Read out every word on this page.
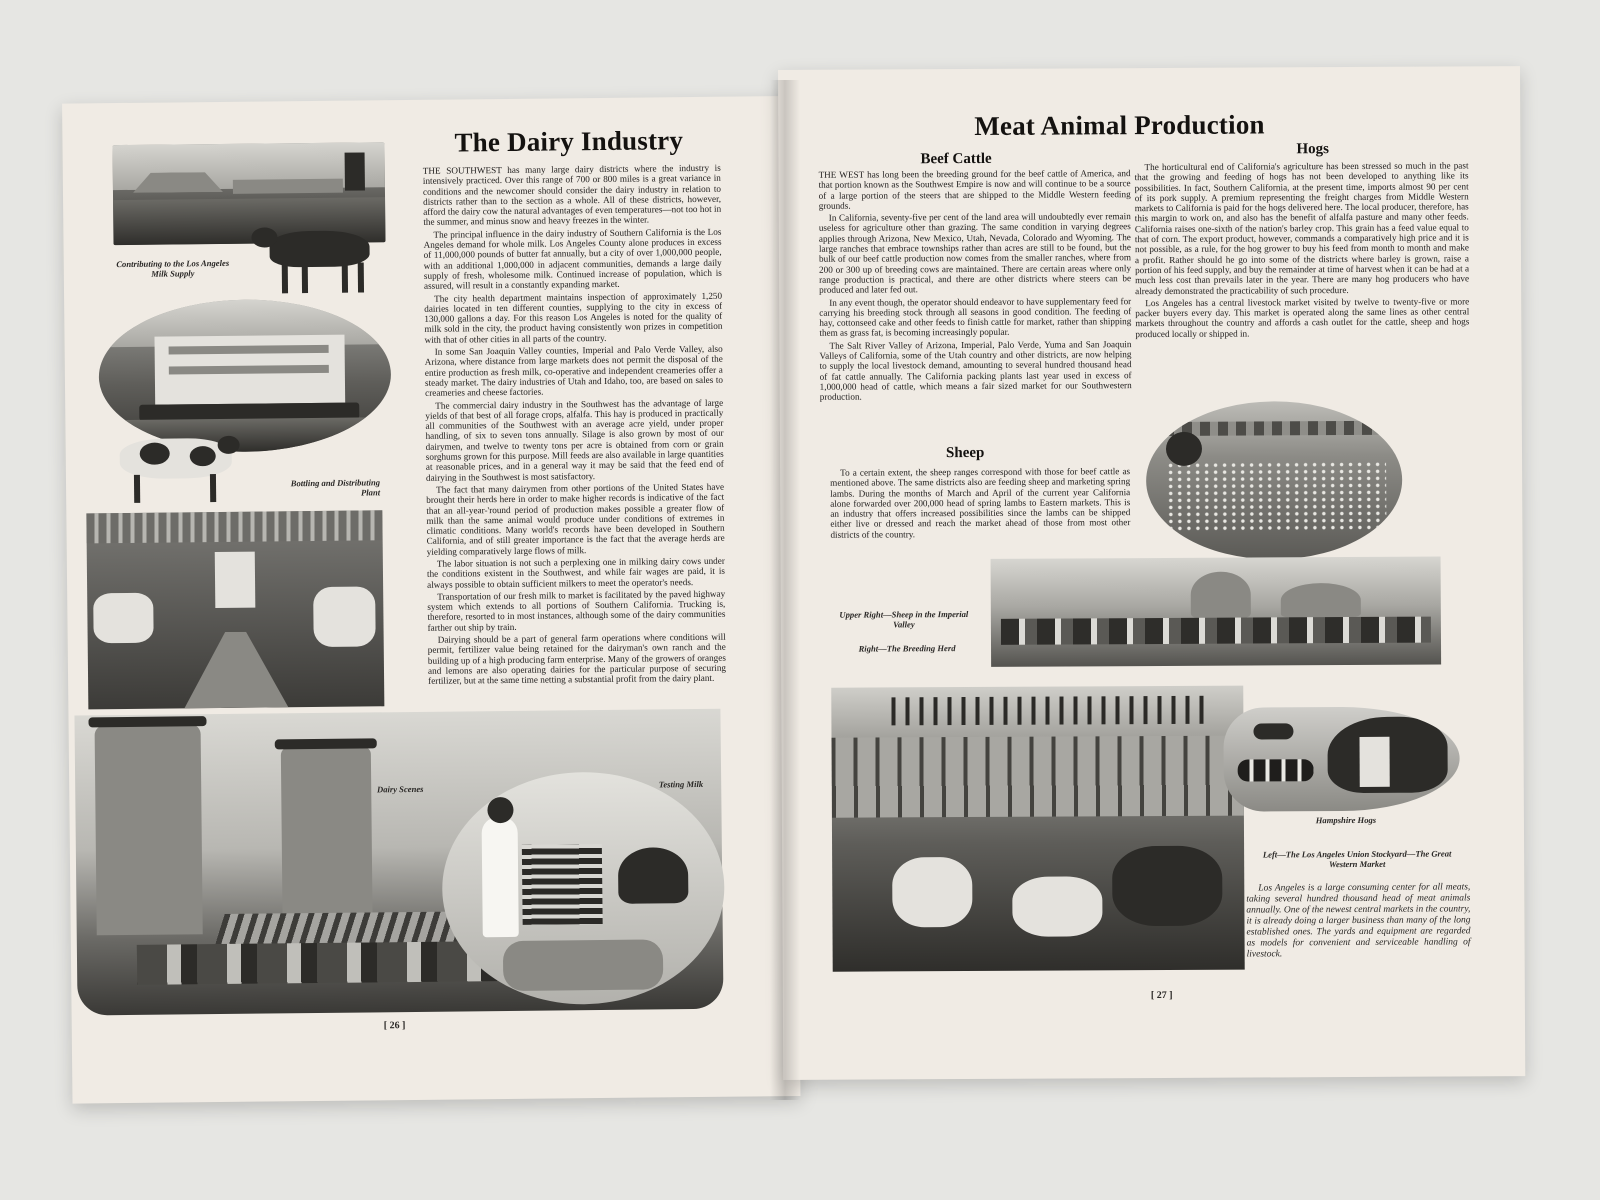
Contributing to the Los Angeles Milk Supply

Bottling and Distributing Plant

Dairy Scenes	Testing Milk

The Dairy Industry

THE SOUTHWEST has many large dairy districts where the industry is intensively practiced. Over this range of 700 or 800 miles is a great variance in conditions and the newcomer should consider the dairy industry in relation to districts rather than to the section as a whole. All of these districts, however, afford the dairy cow the natural advantages of even temperatures—not too hot in the summer, and minus snow and heavy freezes in the winter.

The principal influence in the dairy industry of Southern California is the Los Angeles demand for whole milk. Los Angeles County alone produces in excess of 11,000,000 pounds of butter fat annually, but a city of over 1,000,000 people, with an additional 1,000,000 in adjacent communities, demands a large daily supply of fresh, wholesome milk. Continued increase of population, which is assured, will result in a constantly expanding market.

The city health department maintains inspection of approximately 1,250 dairies located in ten different counties, supplying to the city in excess of 130,000 gallons a day. For this reason Los Angeles is noted for the quality of milk sold in the city, the product having consistently won prizes in competition with that of other cities in all parts of the country.

In some San Joaquin Valley counties, Imperial and Palo Verde Valley, also Arizona, where distance from large markets does not permit the disposal of the entire production as fresh milk, co-operative and independent creameries offer a steady market. The dairy industries of Utah and Idaho, too, are based on sales to creameries and cheese factories.

The commercial dairy industry in the Southwest has the advantage of large yields of that best of all forage crops, alfalfa. This hay is produced in practically all communities of the Southwest with an average acre yield, under proper handling, of six to seven tons annually. Silage is also grown by most of our dairymen, and twelve to twenty tons per acre is obtained from corn or grain sorghums grown for this purpose. Mill feeds are also available in large quantities at reasonable prices, and in a general way it may be said that the feed end of dairying in the Southwest is most satisfactory.

The fact that many dairymen from other portions of the United States have brought their herds here in order to make higher records is indicative of the fact that an all-year-'round period of production makes possible a greater flow of milk than the same animal would produce under conditions of extremes in climatic conditions. Many world's records have been developed in Southern California, and of still greater importance is the fact that the average herds are yielding comparatively large flows of milk.

The labor situation is not such a perplexing one in milking dairy cows under the conditions existent in the Southwest, and while fair wages are paid, it is always possible to obtain sufficient milkers to meet the operator's needs.

Transportation of our fresh milk to market is facilitated by the paved highway system which extends to all portions of Southern California. Trucking is, therefore, resorted to in most instances, although some of the dairy communities farther out ship by train.

Dairying should be a part of general farm operations where conditions will permit, fertilizer value being retained for the dairyman's own ranch and the building up of a high producing farm enterprise. Many of the growers of oranges and lemons are also operating dairies for the particular purpose of securing fertilizer, but at the same time netting a substantial profit from the dairy plant.

[ 26 ]
Meat Animal Production
Beef Cattle

THE WEST has long been the breeding ground for the beef cattle of America, and that portion known as the Southwest Empire is now and will continue to be a source of a large portion of the steers that are shipped to the Middle Western feeding grounds.

In California, seventy-five per cent of the land area will undoubtedly ever remain useless for agriculture other than grazing. The same condition in varying degrees applies through Arizona, New Mexico, Utah, Nevada, Colorado and Wyoming. The large ranches that embrace townships rather than acres are still to be found, but the bulk of our beef cattle production now comes from the smaller ranches, where from 200 or 300 up of breeding cows are maintained. There are certain areas where only range production is practical, and there are other districts where steers can be produced and later fed out.

In any event though, the operator should endeavor to have supplementary feed for carrying his breeding stock through all seasons in good condition. The feeding of hay, cottonseed cake and other feeds to finish cattle for market, rather than shipping them as grass fat, is becoming increasingly popular.

The Salt River Valley of Arizona, Imperial, Palo Verde, Yuma and San Joaquin Valleys of California, some of the Utah country and other districts, are now helping to supply the local livestock demand, amounting to several hundred thousand head of fat cattle annually. The California packing plants last year used in excess of 1,000,000 head of cattle, which means a fair sized market for our Southwestern production.

Sheep

To a certain extent, the sheep ranges correspond with those for beef cattle as mentioned above. The same districts also are feeding sheep and marketing spring lambs. During the months of March and April of the current year California alone forwarded over 200,000 head of spring lambs to Eastern markets. This is an industry that offers increased possibilities since the lambs can be shipped either live or dressed and reach the market ahead of those from most other districts of the country.

Hogs

The horticultural end of California's agriculture has been stressed so much in the past that the growing and feeding of hogs has not been developed to anything like its possibilities. In fact, Southern California, at the present time, imports almost 90 per cent of its pork supply. A premium representing the freight charges from Middle Western markets to California is paid for the hogs delivered here. The local producer, therefore, has this margin to work on, and also has the benefit of alfalfa pasture and many other feeds. California raises one-sixth of the nation's barley crop. This grain has a feed value equal to that of corn. The export product, however, commands a comparatively high price and it is not possible, as a rule, for the hog grower to buy his feed from month to month and make a profit. Rather should he go into some of the districts where barley is grown, raise a portion of his feed supply, and buy the remainder at time of harvest when it can be had at a much less cost than prevails later in the year. There are many hog producers who have already demonstrated the practicability of such procedure.

Los Angeles has a central livestock market visited by twelve to twenty-five or more packer buyers every day. This market is operated along the same lines as other central markets throughout the country and affords a cash outlet for the cattle, sheep and hogs produced locally or shipped in.

Upper Right—Sheep in the Imperial Valley

Right—The Breeding Herd

Hampshire Hogs

Left—The Los Angeles Union Stockyard—The Great Western Market

Los Angeles is a large consuming center for all meats, taking several hundred thousand head of meat animals annually. One of the newest central markets in the country, it is already doing a larger business than many of the long established ones. The yards and equipment are regarded as models for convenient and serviceable handling of livestock.

[ 27 ]
